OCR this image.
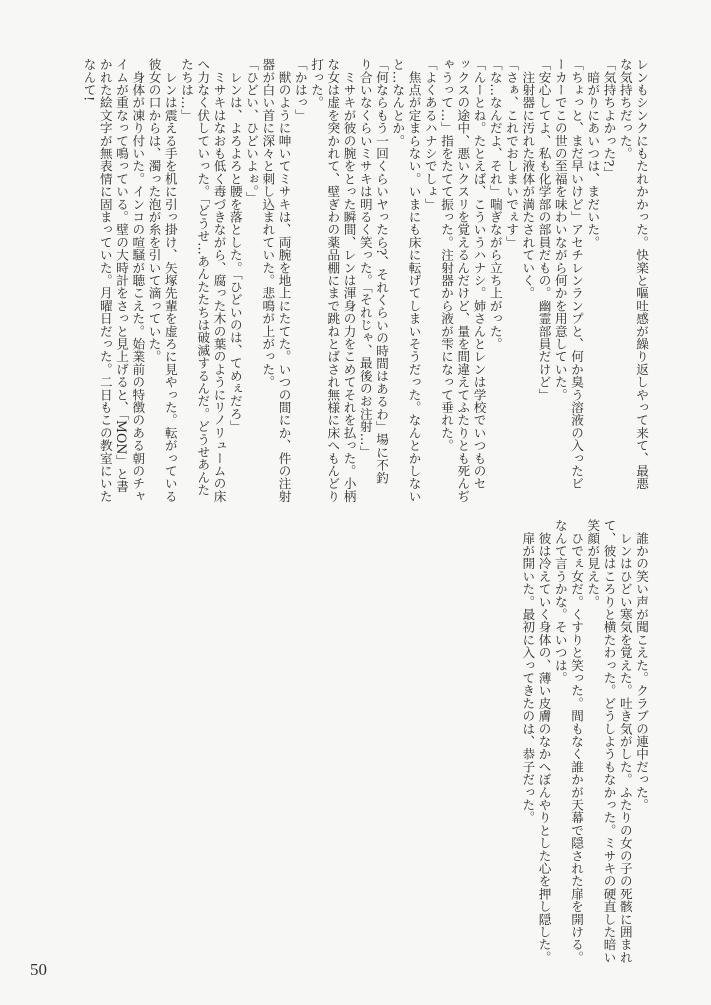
レンもシンクにもたれかかった。快楽と嘔吐感が繰り返しやって来て、最悪

な気持ちだった。

「気持ちよかった?」

　暗がりにあいつは、まだいた。

「ちょっと、まだ早いけど」アセチレンランプと、何か臭う溶液の入ったビ

ーカーでこの世の至福を味わいながら何かを用意していた。

「安心してよ、私も化学部の部員だもの。幽霊部員だけど」

　注射器に汚れた液体が満たされていく。

「さぁ、これでおしまいでぇす」

「な…なんだよ、それ」喘ぎながら立ち上がった。

「んーとね。たとえば、こういうハナシ。姉さんとレンは学校でいつものセ

ックスの途中、悪いクスリを覚えるんだけど、量を間違えてふたりとも死んぢ

ゃうって…」指をたてて振った。注射器から液が雫になって垂れた。

「よくあるハナシでしょ」

　焦点が定まらない。いまにも床に転げてしまいそうだった。なんとかしない

と…なんとか。

「何ならもう一回くらいヤったら?、それくらいの時間はあるわ」場に不釣

り合いなくらいミサキは明るく笑った。「それじゃ、最後のお注射…」

　ミサキが彼の腕をとった瞬間、レンは渾身の力をこめてそれを払った。小柄

な女は虚を突かれて、壁ぎわの薬品棚にまで跳ねとばされ無様に床へもんどり

打った。

「かはっ」

　獣のように呻いてミサキは、両腕を地上にたてた。いつの間にか、件の注射

器が白い首に深々と刺し込まれていた。悲鳴が上がった。

「ひどい、ひどいよぉ。」

　レンは、よろよろと腰を落とした。「ひどいのは、てめぇだろ」

　ミサキはなおも低く毒づきながら、腐った木の葉のようにリノリュームの床

へ力なく伏していった。「どうせ…あんたたちは破滅するんだ。どうせあんた

たちは…」

　レンは震える手を机に引っ掛け、矢塚先輩を虚ろに見やった。転がっている

彼女の口からは、濁った泡が糸を引いて滴っていた。

　身体が凍り付いた。インコの喧騒が聴こえた。始業前の特徴のある朝のチャ

イムが重なって鳴っている。壁の大時計をさっと見上げると、「MON」と書

かれた絵文字が無表情に固まっていた。月曜日だった。二日もこの教室にいた

なんて!

　誰かの笑い声が聞こえた。クラブの連中だった。

　レンはひどい寒気を覚えた。吐き気がした。ふたりの女の子の死骸に囲まれ

て、彼はころりと横たわった。どうしようもなかった。ミサキの硬直した暗い

笑顔が見えた。

　ひでぇ女だ。くすりと笑った。間もなく誰かが天幕で隠された扉を開ける。

なんて言うかな。そいつは。

　彼は冷えていく身体の、薄い皮膚のなかへぼんやりとした心を押し隠した。

　扉が開いた。最初に入ってきたのは、恭子だった。

50
